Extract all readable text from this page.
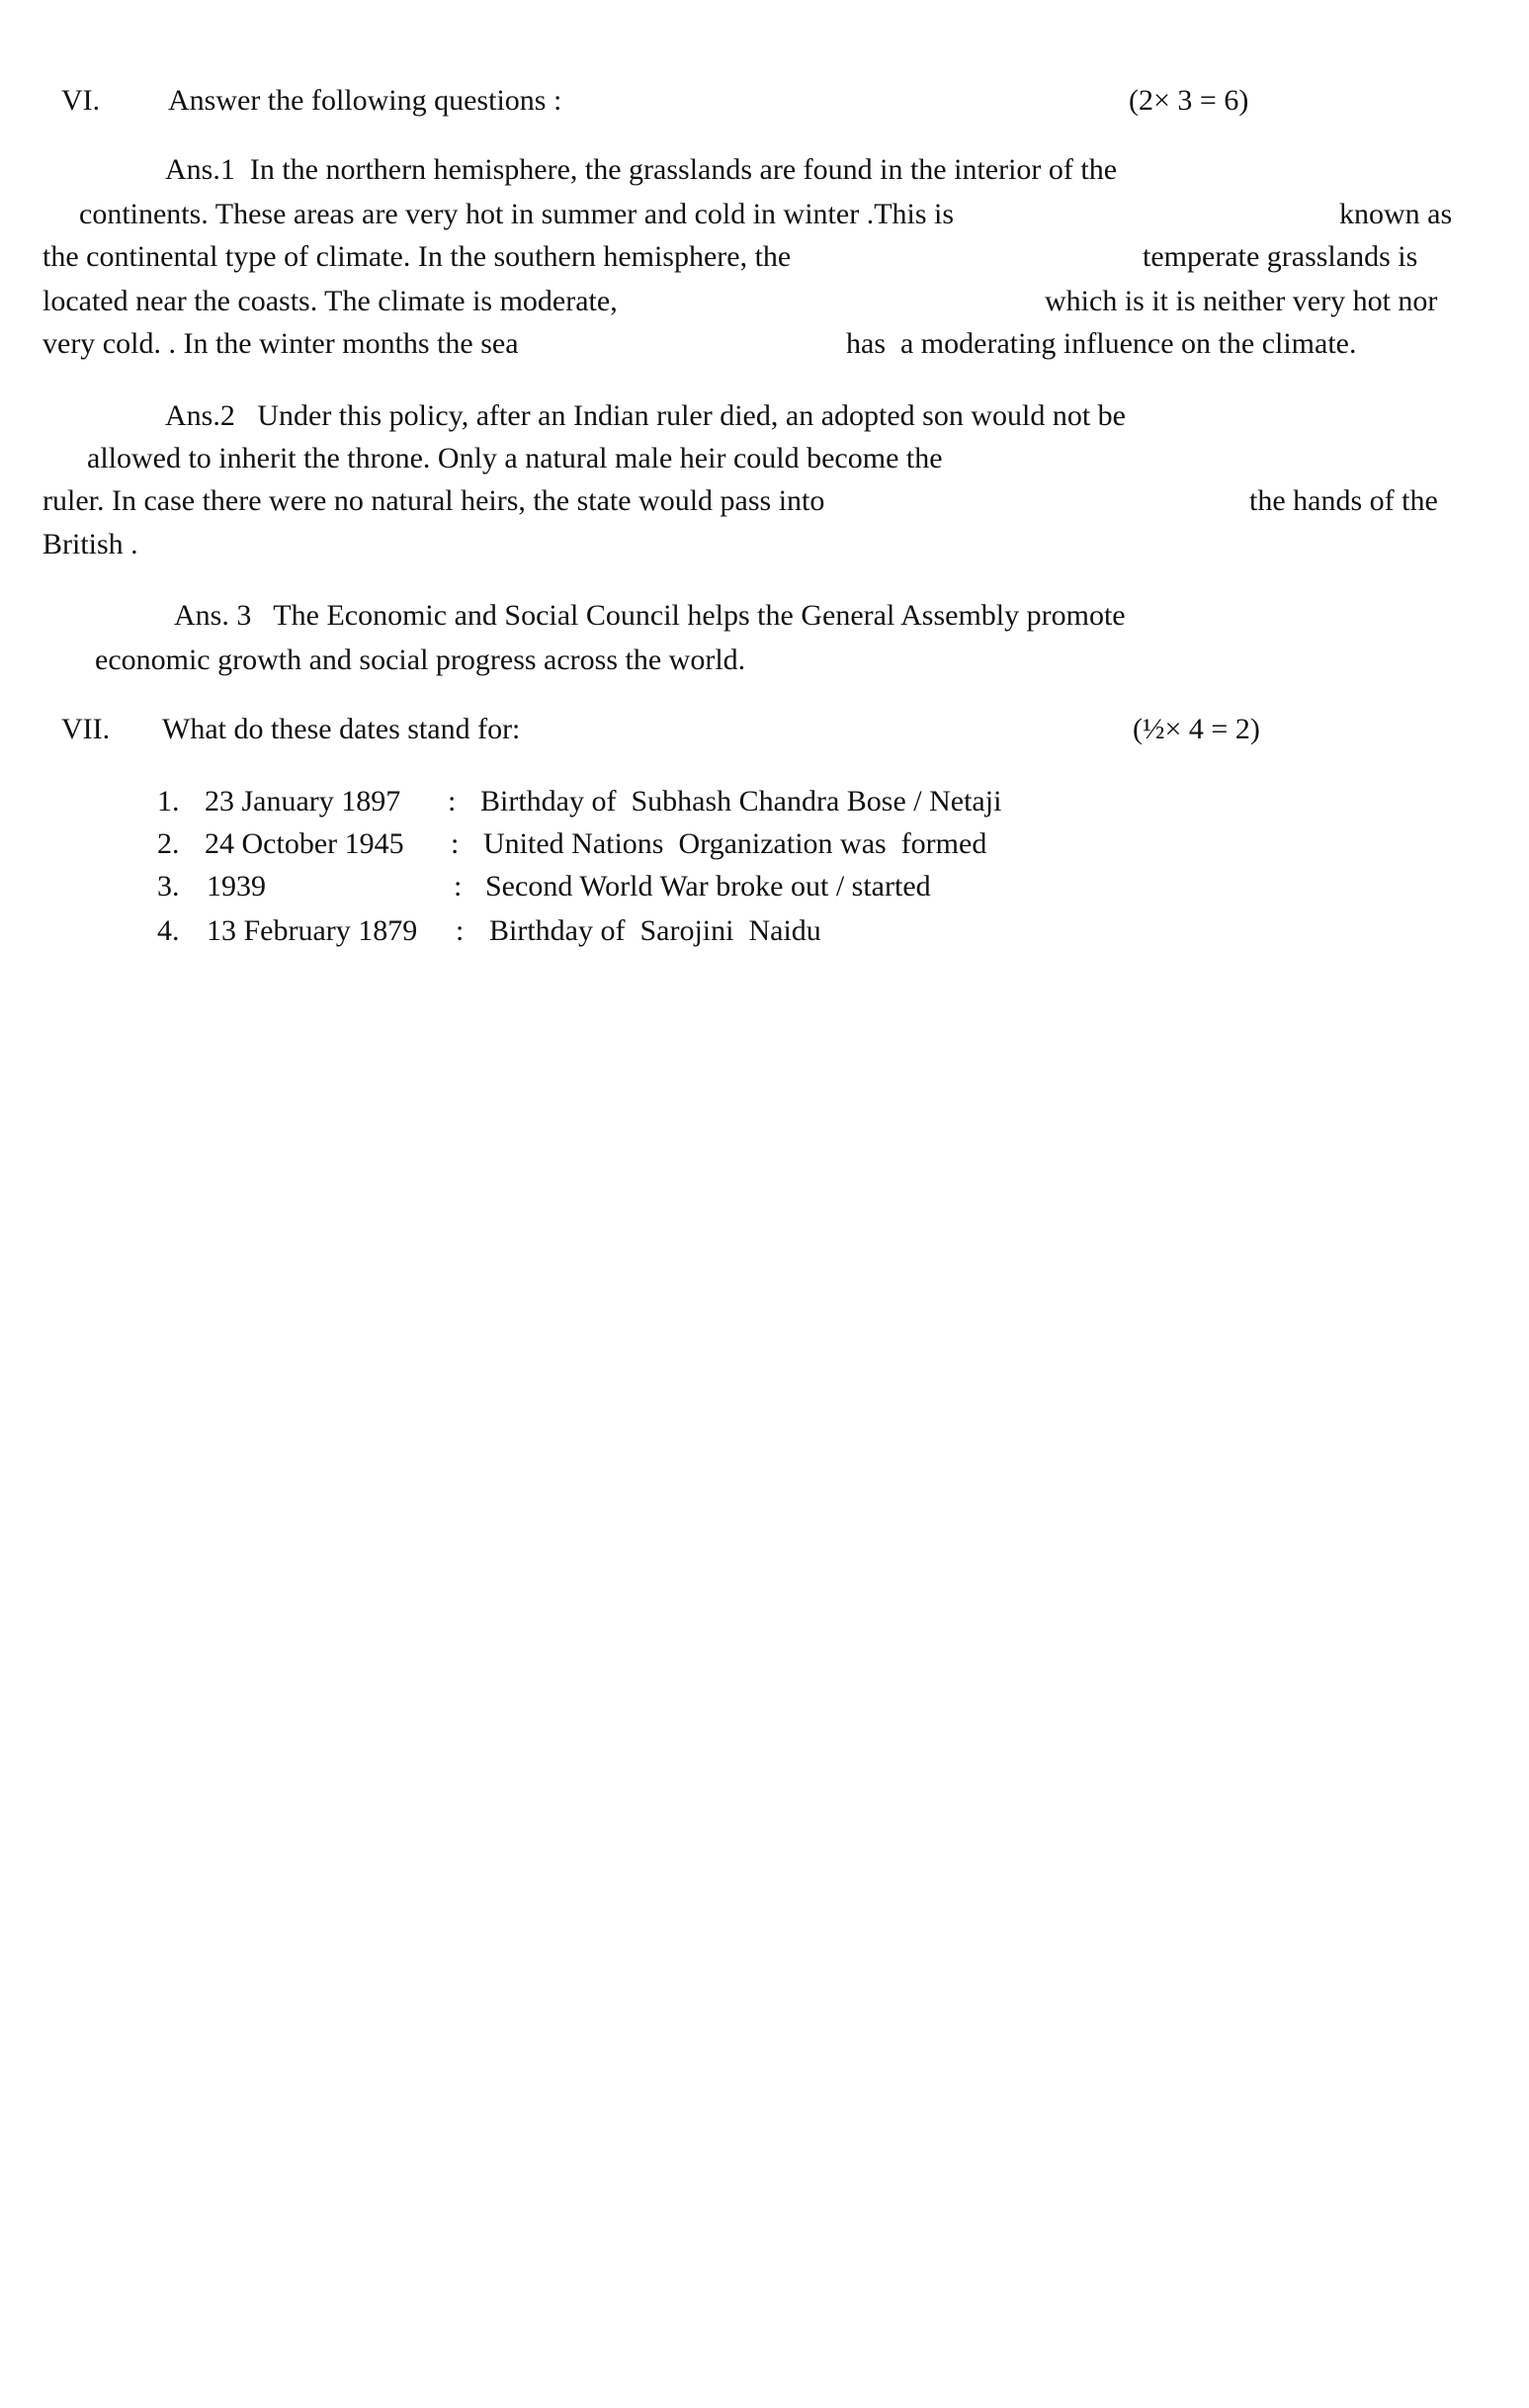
VI. Answer the following questions :	(2× 3 = 6)
Ans.1  In the northern hemisphere, the grasslands are found in the interior of the
continents. These areas are very hot in summer and cold in winter .This is	known as
the continental type of climate. In the southern hemisphere, the	temperate grasslands is
located near the coasts. The climate is moderate,	which is it is neither very hot nor
very cold. . In the winter months the sea	has  a moderating influence on the climate.
Ans.2   Under this policy, after an Indian ruler died, an adopted son would not be
allowed to inherit the throne. Only a natural male heir could become the
ruler. In case there were no natural heirs, the state would pass into	the hands of the
British .
Ans. 3   The Economic and Social Council helps the General Assembly promote
economic growth and social progress across the world.
VII. What do these dates stand for:	(½× 4 = 2)
1. 23 January 1897 : Birthday of  Subhash Chandra Bose / Netaji
2. 24 October 1945 : United Nations  Organization was  formed
3. 1939	: Second World War broke out / started
4. 13 February 1879 : Birthday of  Sarojini  Naidu
